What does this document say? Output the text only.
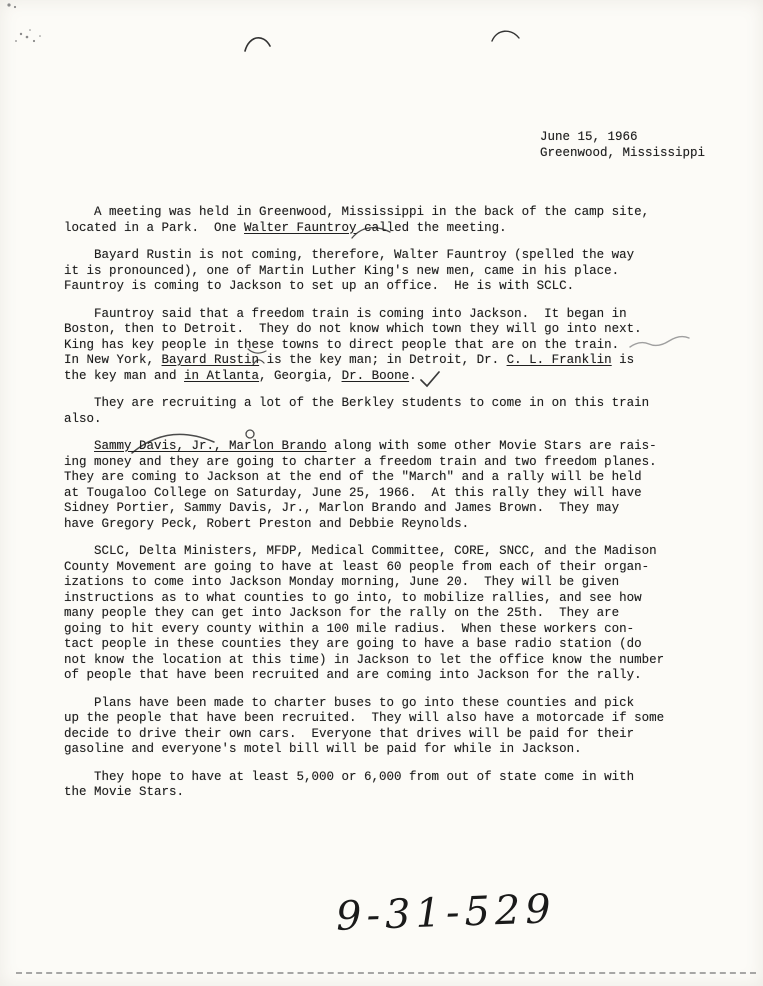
June 15, 1966
Greenwood, Mississippi
A meeting was held in Greenwood, Mississippi in the back of the camp site,
located in a Park.  One Walter Fauntroy called the meeting.
Bayard Rustin is not coming, therefore, Walter Fauntroy (spelled the way
it is pronounced), one of Martin Luther King's new men, came in his place.
Fauntroy is coming to Jackson to set up an office.  He is with SCLC.
Fauntroy said that a freedom train is coming into Jackson.  It began in
Boston, then to Detroit.  They do not know which town they will go into next.
King has key people in these towns to direct people that are on the train.
In New York, Bayard Rustin is the key man; in Detroit, Dr. C. L. Franklin is
the key man and in Atlanta, Georgia, Dr. Boone.
They are recruiting a lot of the Berkley students to come in on this train
also.
Sammy Davis, Jr., Marlon Brando along with some other Movie Stars are rais-
ing money and they are going to charter a freedom train and two freedom planes.
They are coming to Jackson at the end of the "March" and a rally will be held
at Tougaloo College on Saturday, June 25, 1966.  At this rally they will have
Sidney Portier, Sammy Davis, Jr., Marlon Brando and James Brown.  They may
have Gregory Peck, Robert Preston and Debbie Reynolds.
SCLC, Delta Ministers, MFDP, Medical Committee, CORE, SNCC, and the Madison
County Movement are going to have at least 60 people from each of their organ-
izations to come into Jackson Monday morning, June 20.  They will be given
instructions as to what counties to go into, to mobilize rallies, and see how
many people they can get into Jackson for the rally on the 25th.  They are
going to hit every county within a 100 mile radius.  When these workers con-
tact people in these counties they are going to have a base radio station (do
not know the location at this time) in Jackson to let the office know the number
of people that have been recruited and are coming into Jackson for the rally.
Plans have been made to charter buses to go into these counties and pick
up the people that have been recruited.  They will also have a motorcade if some
decide to drive their own cars.  Everyone that drives will be paid for their
gasoline and everyone's motel bill will be paid for while in Jackson.
They hope to have at least 5,000 or 6,000 from out of state come in with
the Movie Stars.
9-31-529
